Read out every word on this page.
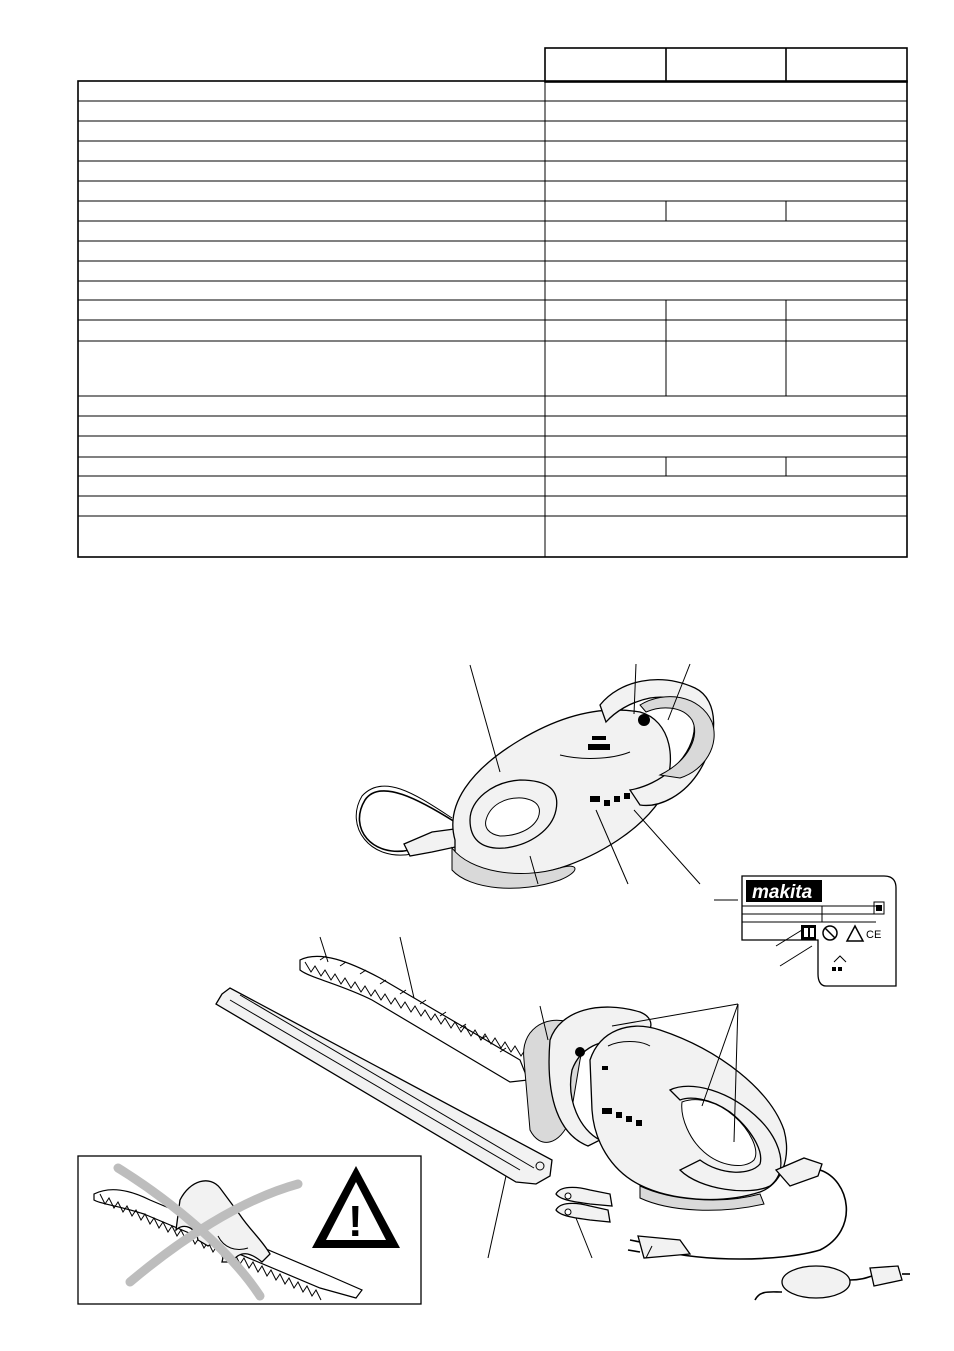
makita
CE
!
